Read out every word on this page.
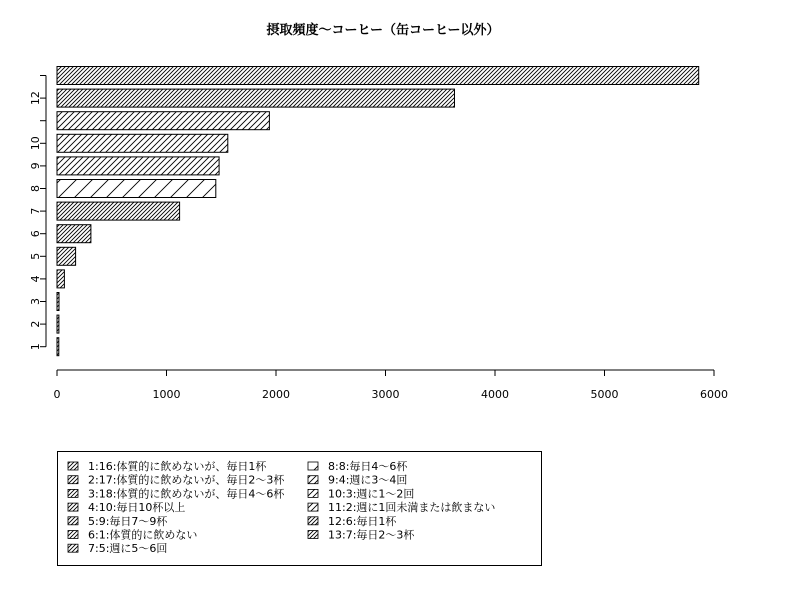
摂取頻度～コーヒー（缶コーヒー以外）
0	1000	2000	3000	4000	5000	6000
1
2
3
4
5
6
7
8
9
10
12
1:16:体質的に飲めないが、毎日1杯
2:17:体質的に飲めないが、毎日2～3杯
3:18:体質的に飲めないが、毎日4～6杯
4:10:毎日10杯以上
5:9:毎日7～9杯
6:1:体質的に飲めない
7:5:週に5～6回
8:8:毎日4～6杯
9:4:週に3～4回
10:3:週に1～2回
11:2:週に1回未満または飲まない
12:6:毎日1杯
13:7:毎日2～3杯
